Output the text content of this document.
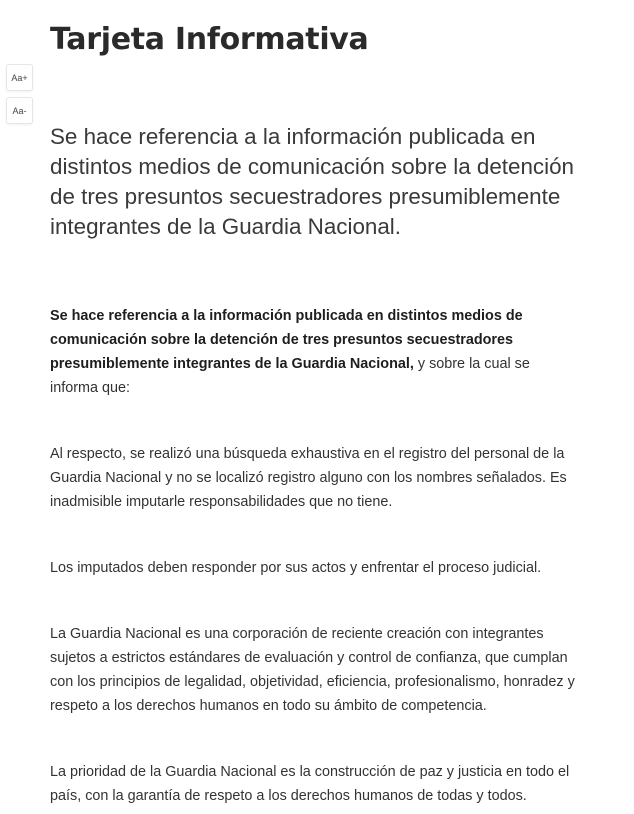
Aa+
Aa-
Tarjeta Informativa

Se hace referencia a la información publicada en distintos medios de comunicación sobre la detención de tres presuntos secuestradores presumiblemente integrantes de la Guardia Nacional.

Se hace referencia a la información publicada en distintos medios de comunicación sobre la detención de tres presuntos secuestradores presumiblemente integrantes de la Guardia Nacional, y sobre la cual se informa que:

Al respecto, se realizó una búsqueda exhaustiva en el registro del personal de la Guardia Nacional y no se localizó registro alguno con los nombres señalados. Es inadmisible imputarle responsabilidades que no tiene.

Los imputados deben responder por sus actos y enfrentar el proceso judicial.

La Guardia Nacional es una corporación de reciente creación con integrantes sujetos a estrictos estándares de evaluación y control de confianza, que cumplan con los principios de legalidad, objetividad, eficiencia, profesionalismo, honradez y respeto a los derechos humanos en todo su ámbito de competencia.

La prioridad de la Guardia Nacional es la construcción de paz y justicia en todo el país, con la garantía de respeto a los derechos humanos de todas y todos.
